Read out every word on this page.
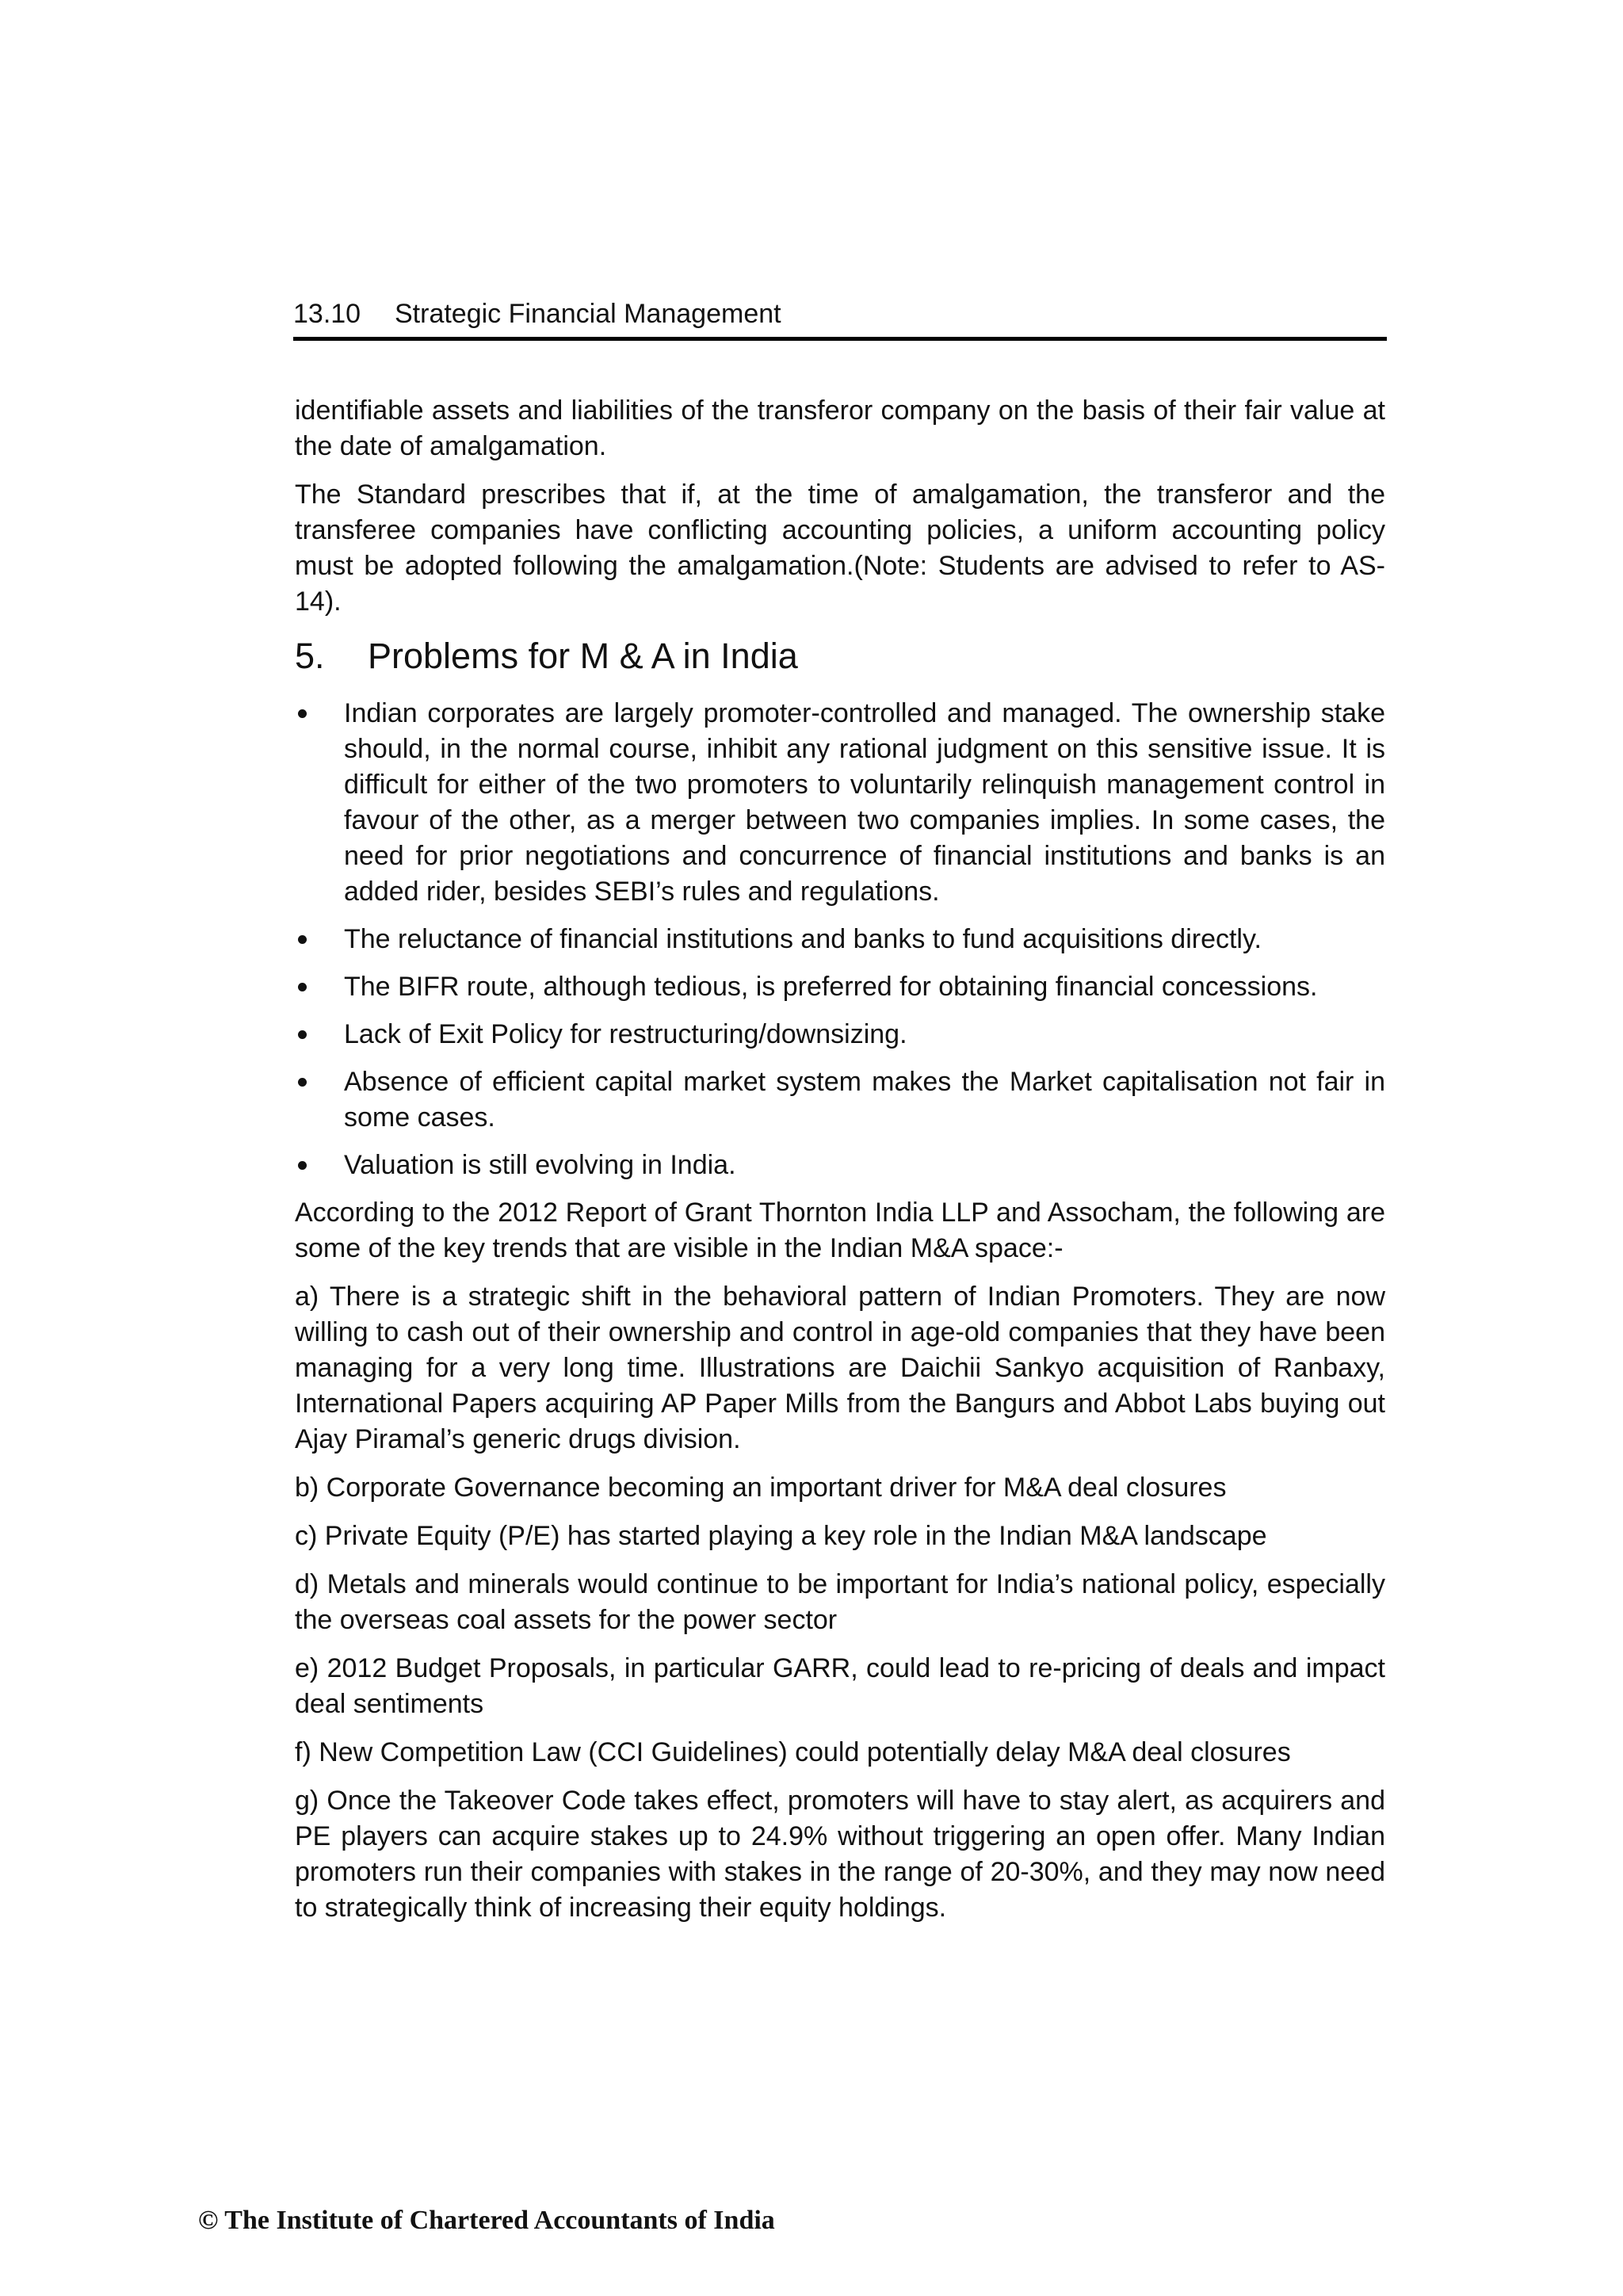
13.10 Strategic Financial Management

identifiable assets and liabilities of the transferor company on the basis of their fair value at the date of amalgamation.

The Standard prescribes that if, at the time of amalgamation, the transferor and the transferee companies have conflicting accounting policies, a uniform accounting policy must be adopted following the amalgamation.(Note: Students are advised to refer to AS-14).

5. Problems for M & A in India
Indian corporates are largely promoter-controlled and managed. The ownership stake should, in the normal course, inhibit any rational judgment on this sensitive issue. It is difficult for either of the two promoters to voluntarily relinquish management control in favour of the other, as a merger between two companies implies. In some cases, the need for prior negotiations and concurrence of financial institutions and banks is an added rider, besides SEBI’s rules and regulations.
The reluctance of financial institutions and banks to fund acquisitions directly.
The BIFR route, although tedious, is preferred for obtaining financial concessions.
Lack of Exit Policy for restructuring/downsizing.
Absence of efficient capital market system makes the Market capitalisation not fair in some cases.
Valuation is still evolving in India.

According to the 2012 Report of Grant Thornton India LLP and Assocham, the following are some of the key trends that are visible in the Indian M&A space:-

a) There is a strategic shift in the behavioral pattern of Indian Promoters. They are now willing to cash out of their ownership and control in age-old companies that they have been managing for a very long time. Illustrations are Daichii Sankyo acquisition of Ranbaxy, International Papers acquiring AP Paper Mills from the Bangurs and Abbot Labs buying out Ajay Piramal’s generic drugs division.

b) Corporate Governance becoming an important driver for M&A deal closures

c) Private Equity (P/E) has started playing a key role in the Indian M&A landscape

d) Metals and minerals would continue to be important for India’s national policy, especially the overseas coal assets for the power sector

e) 2012 Budget Proposals, in particular GARR, could lead to re-pricing of deals and impact deal sentiments

f) New Competition Law (CCI Guidelines) could potentially delay M&A deal closures

g) Once the Takeover Code takes effect, promoters will have to stay alert, as acquirers and PE players can acquire stakes up to 24.9% without triggering an open offer. Many Indian promoters run their companies with stakes in the range of 20-30%, and they may now need to strategically think of increasing their equity holdings.

© The Institute of Chartered Accountants of India
